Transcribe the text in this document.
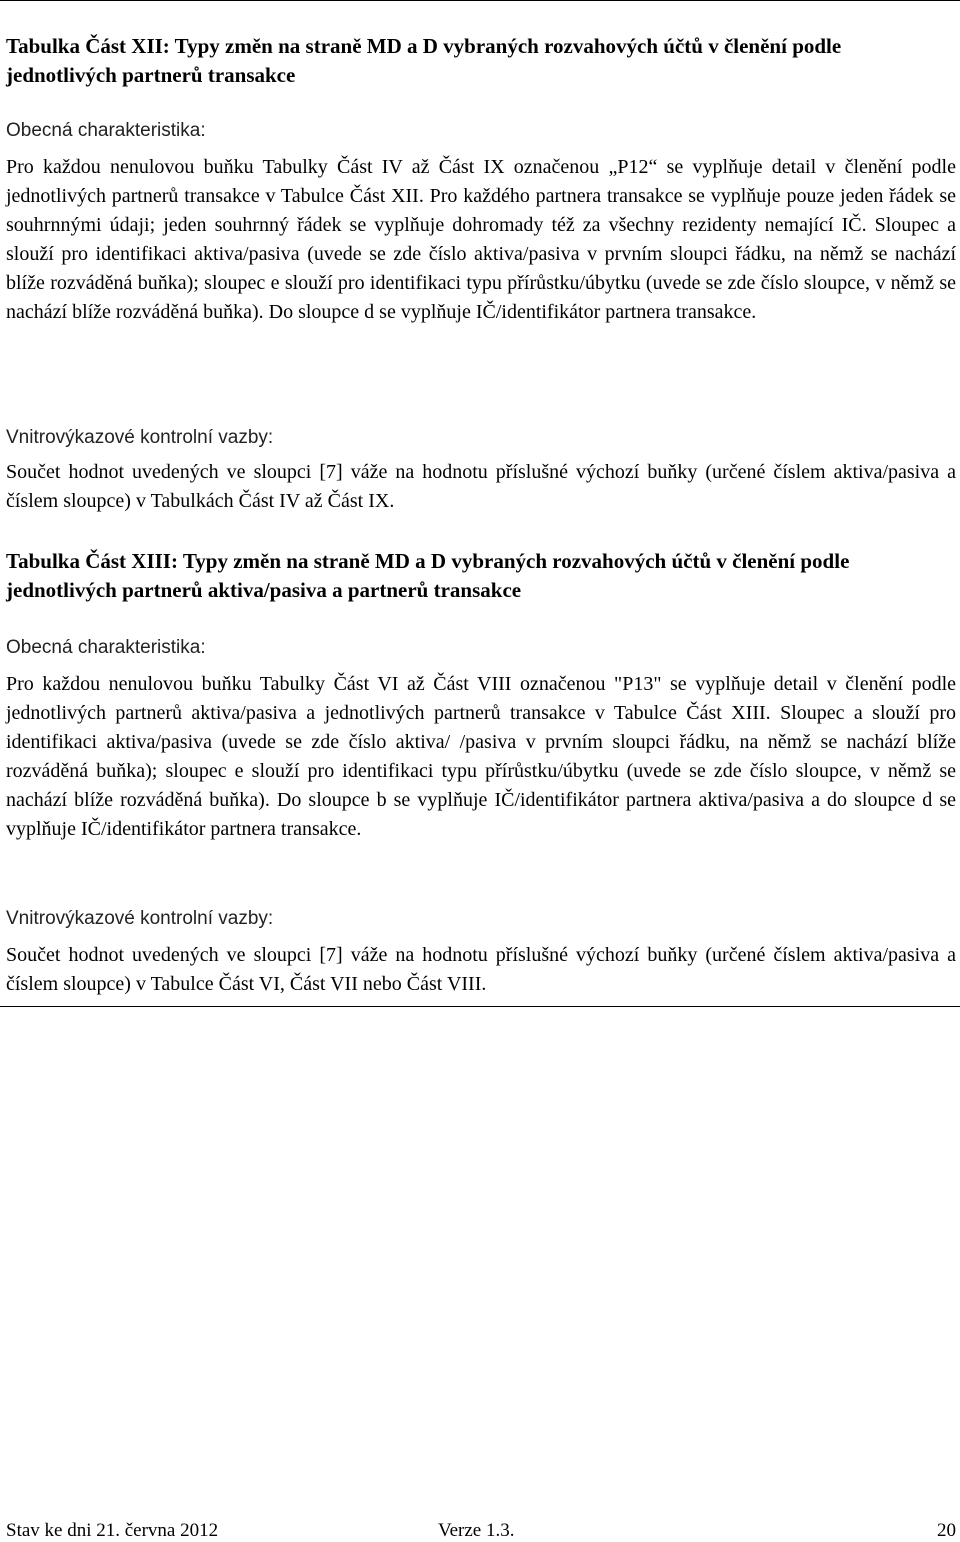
Tabulka Část XII: Typy změn na straně MD a D vybraných rozvahových účtů v členění podle jednotlivých partnerů transakce

Obecná charakteristika:

Pro každou nenulovou buňku Tabulky Část IV až Část IX označenou „P12“ se vyplňuje detail v členění podle jednotlivých partnerů transakce v Tabulce Část XII. Pro každého partnera transakce se vyplňuje pouze jeden řádek se souhrnnými údaji; jeden souhrnný řádek se vyplňuje dohromady též za všechny rezidenty nemající IČ. Sloupec a slouží pro identifikaci aktiva/pasiva (uvede se zde číslo aktiva/pasiva v prvním sloupci řádku, na němž se nachází blíže rozváděná buňka); sloupec e slouží pro identifikaci typu přírůstku/úbytku (uvede se zde číslo sloupce, v němž se nachází blíže rozváděná buňka). Do sloupce d se vyplňuje IČ/identifikátor partnera transakce.

Vnitrovýkazové kontrolní vazby:

Součet hodnot uvedených ve sloupci [7] váže na hodnotu příslušné výchozí buňky (určené číslem aktiva/pasiva a číslem sloupce) v Tabulkách Část IV až Část IX.

Tabulka Část XIII: Typy změn na straně MD a D vybraných rozvahových účtů v členění podle jednotlivých partnerů aktiva/pasiva a partnerů transakce

Obecná charakteristika:

Pro každou nenulovou buňku Tabulky Část VI až Část VIII označenou "P13" se vyplňuje detail v členění podle jednotlivých partnerů aktiva/pasiva a jednotlivých partnerů transakce v Tabulce Část XIII. Sloupec a slouží pro identifikaci aktiva/pasiva (uvede se zde číslo aktiva/ /pasiva v prvním sloupci řádku, na němž se nachází blíže rozváděná buňka); sloupec e slouží pro identifikaci typu přírůstku/úbytku (uvede se zde číslo sloupce, v němž se nachází blíže rozváděná buňka). Do sloupce b se vyplňuje IČ/identifikátor partnera aktiva/pasiva a do sloupce d se vyplňuje IČ/identifikátor partnera transakce.

Vnitrovýkazové kontrolní vazby:

Součet hodnot uvedených ve sloupci [7] váže na hodnotu příslušné výchozí buňky (určené číslem aktiva/pasiva a číslem sloupce) v Tabulce Část VI, Část VII nebo Část VIII.

Stav ke dni 21. června 2012	Verze 1.3.	20
